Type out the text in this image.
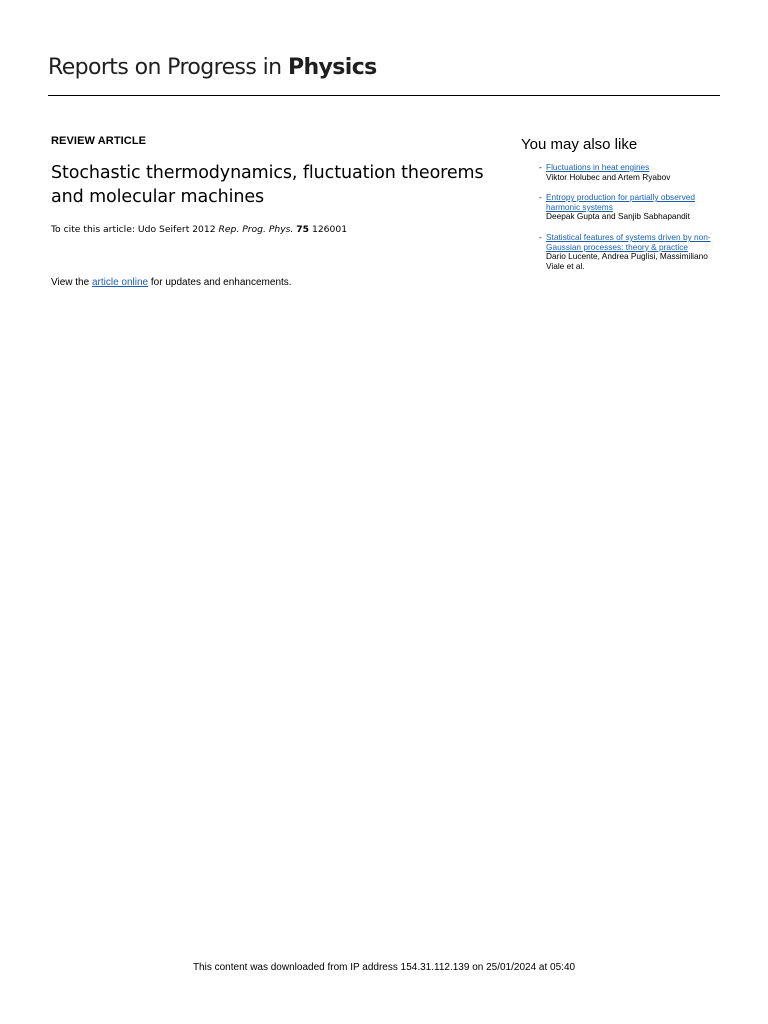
Reports on Progress in Physics

REVIEW ARTICLE

Stochastic thermodynamics, fluctuation theorems and molecular machines

To cite this article: Udo Seifert 2012 Rep. Prog. Phys. 75 126001

View the article online for updates and enhancements.

You may also like
- Fluctuations in heat engines
Viktor Holubec and Artem Ryabov
- Entropy production for partially observed harmonic systems
Deepak Gupta and Sanjib Sabhapandit
- Statistical features of systems driven by non-Gaussian processes: theory & practice
Dario Lucente, Andrea Puglisi, Massimiliano Viale et al.
This content was downloaded from IP address 154.31.112.139 on 25/01/2024 at 05:40
